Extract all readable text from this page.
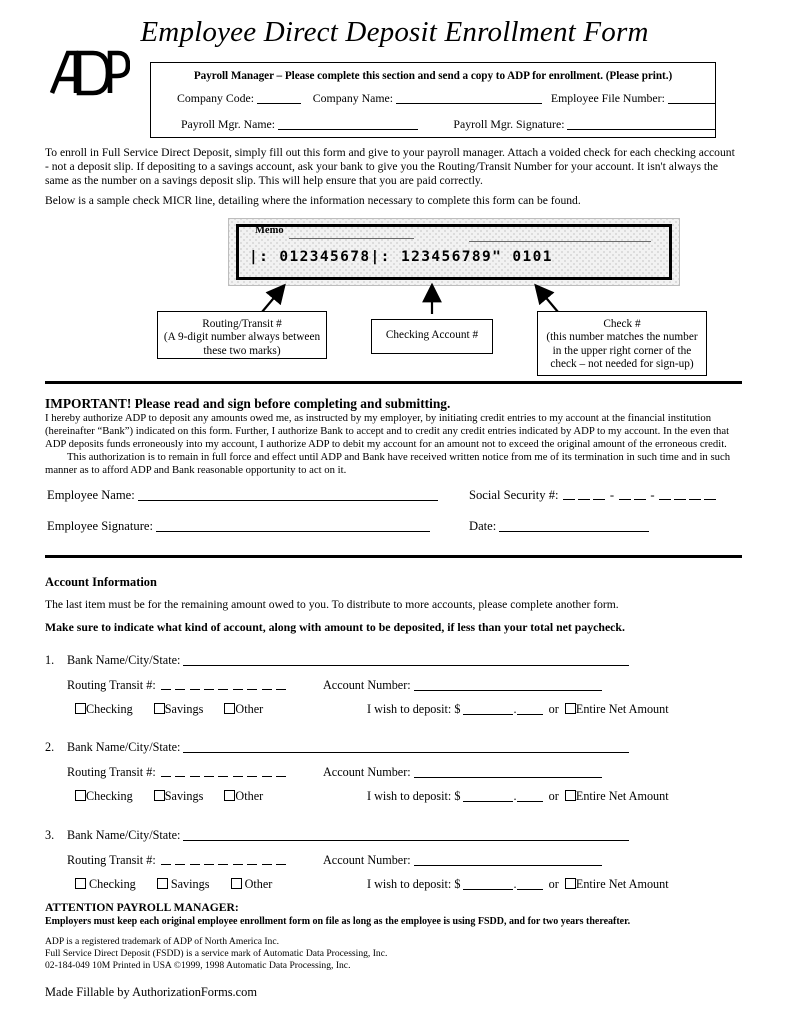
Employee Direct Deposit Enrollment Form
Payroll Manager – Please complete this section and send a copy to ADP for enrollment. (Please print.)
Company Code:	Company Name:	Employee File Number:
Payroll Mgr. Name:	Payroll Mgr. Signature:
To enroll in Full Service Direct Deposit, simply fill out this form and give to your payroll manager. Attach a voided check for each checking account - not a deposit slip. If depositing to a savings account, ask your bank to give you the Routing/Transit Number for your account. It isn't always the same as the number on a savings deposit slip. This will help ensure that you are paid correctly.
Below is a sample check MICR line, detailing where the information necessary to complete this form can be found.
Memo
|: 012345678|: 123456789" 0101
Routing/Transit #
(A 9-digit number always between
these two marks)
Checking Account #
Check #
(this number matches the number
in the upper right corner of the
check – not needed for sign-up)
IMPORTANT! Please read and sign before completing and submitting.
I hereby authorize ADP to deposit any amounts owed me, as instructed by my employer, by initiating credit entries to my account at the financial institution (hereinafter “Bank”) indicated on this form. Further, I authorize Bank to accept and to credit any credit entries indicated by ADP to my account. In the even that ADP deposits funds erroneously into my account, I authorize ADP to debit my account for an amount not to exceed the original amount of the erroneous credit.
This authorization is to remain in full force and effect until ADP and Bank have received written notice from me of its termination in such time and in such manner as to afford ADP and Bank reasonable opportunity to act on it.
Employee Name:	Social Security #:	-	-
Employee Signature:	Date:
Account Information
The last item must be for the remaining amount owed to you. To distribute to more accounts, please complete another form.
Make sure to indicate what kind of account, along with amount to be deposited, if less than your total net paycheck.
1. Bank Name/City/State:
Routing Transit #:	Account Number:
Checking	Savings	Other	I wish to deposit: $	.	or Entire Net Amount
2. Bank Name/City/State:
Routing Transit #:	Account Number:
Checking	Savings	Other	I wish to deposit: $	.	or Entire Net Amount
3. Bank Name/City/State:
Routing Transit #:	Account Number:
Checking	Savings	Other	I wish to deposit: $	.	or Entire Net Amount
ATTENTION PAYROLL MANAGER:
Employers must keep each original employee enrollment form on file as long as the employee is using FSDD, and for two years thereafter.
ADP is a registered trademark of ADP of North America Inc.
Full Service Direct Deposit (FSDD) is a service mark of Automatic Data Processing, Inc.
02-184-049 10M Printed in USA ©1999, 1998 Automatic Data Processing, Inc.
Made Fillable by AuthorizationForms.com
